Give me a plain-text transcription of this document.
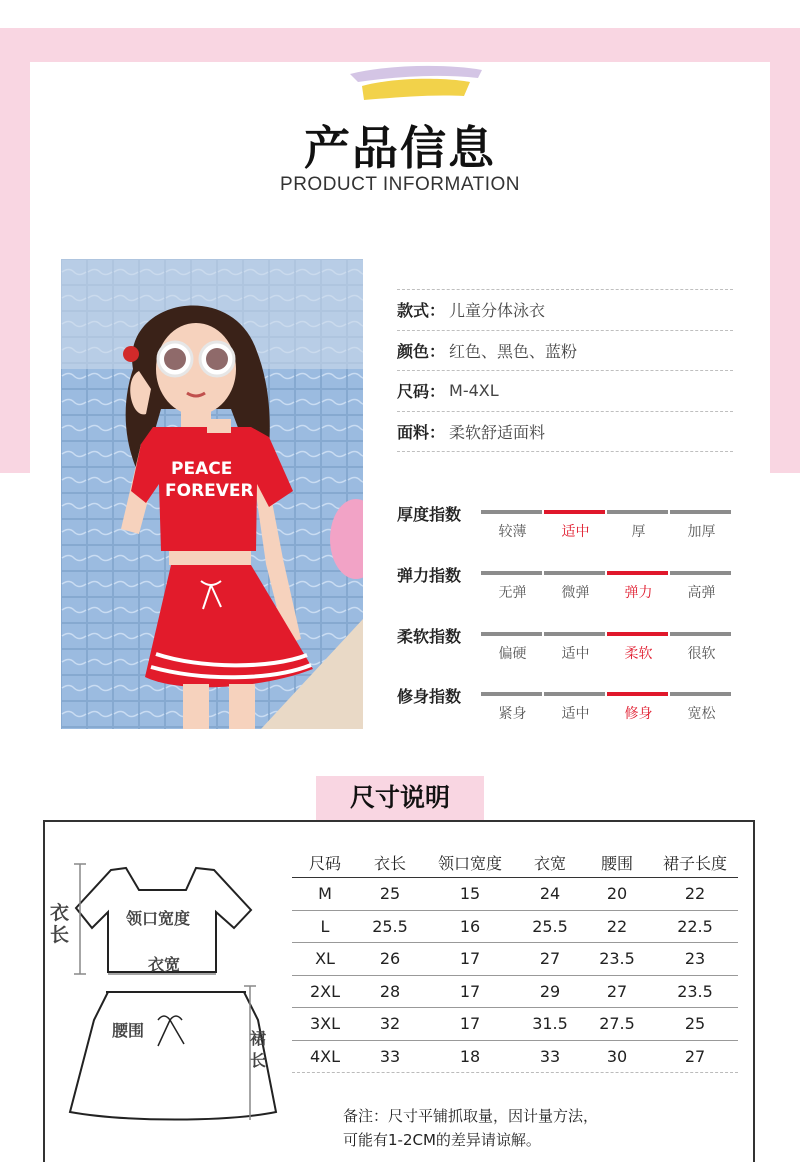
产品信息
PRODUCT INFORMATION
PEACE
FOREVER
款式： 儿童分体泳衣
颜色： 红色、黑色、蓝粉
尺码： M-4XL
面料： 柔软舒适面料
厚度指数
较薄	适中	厚	加厚
弹力指数
无弹	微弹	弹力	高弹
柔软指数
偏硬	适中	柔软	很软
修身指数
紧身	适中	修身	宽松
尺寸说明
衣长
领口宽度
衣宽
腰围	裙长
尺码	衣长	领口宽度	衣宽	腰围	裙子长度
M	25	15	24	20	22
L	25.5	16	25.5	22	22.5
XL	26	17	27	23.5	23
2XL	28	17	29	27	23.5
3XL	32	17	31.5	27.5	25
4XL	33	18	33	30	27
备注：尺寸平铺抓取量，因计量方法，
可能有1-2CM的差异请谅解。
